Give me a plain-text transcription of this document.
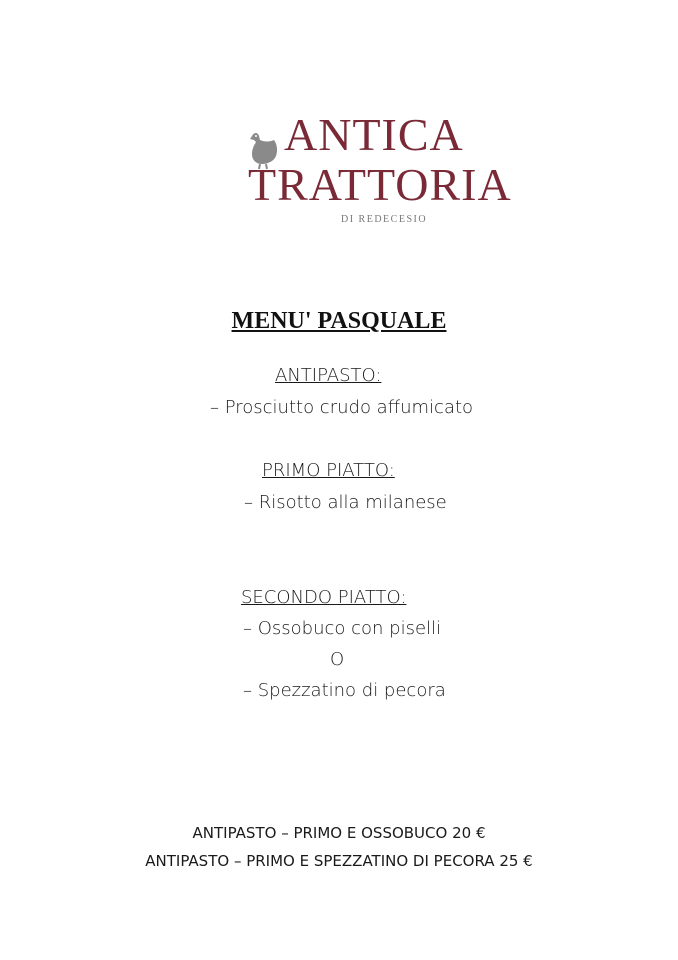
ANTICA
TRATTORIA
DI REDECESIO
MENU' PASQUALE
ANTIPASTO:
– Prosciutto crudo affumicato
PRIMO PIATTO:
– Risotto alla milanese
SECONDO PIATTO:
– Ossobuco con piselli
O
– Spezzatino di pecora
ANTIPASTO – PRIMO E OSSOBUCO 20 €
ANTIPASTO – PRIMO E SPEZZATINO DI PECORA 25 €
